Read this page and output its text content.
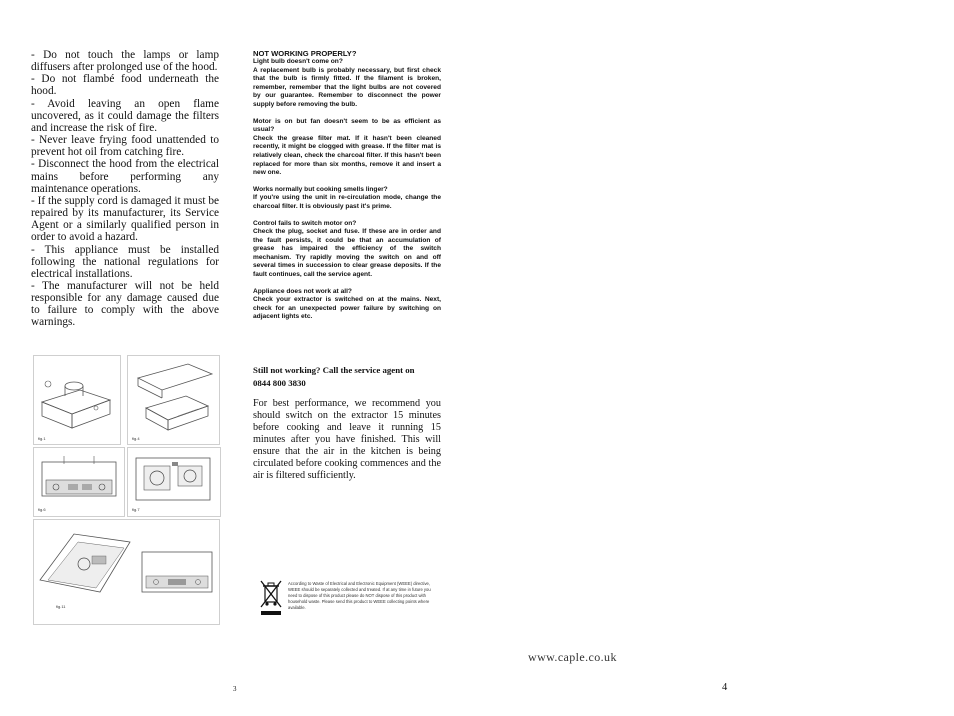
- Do not touch the lamps or lamp diffusers after prolonged use of the hood.

- Do not flambé food underneath the hood.

- Avoid leaving an open flame uncovered, as it could damage the filters and increase the risk of fire.

- Never leave frying food unattended to prevent hot oil from catching fire.

- Disconnect the hood from the electrical mains before performing any maintenance operations.

- If the supply cord is damaged it must be repaired by its manufacturer, its Service Agent or a similarly qualified person in order to avoid a hazard.

- This appliance must be installed following the national regulations for electrical installations.

- The manufacturer will not be held responsible for any damage caused due to failure to comply with the above warnings.

fig.1	fig.4
fig.6	fig.7
fig.11

NOT WORKING PROPERLY?

Light bulb doesn't come on?

A replacement bulb is probably necessary, but first check that the bulb is firmly fitted. If the filament is broken, remember, remember that the light bulbs are not covered by our guarantee. Remember to disconnect the power supply before removing the bulb.

Motor is on but fan doesn't seem to be as efficient as usual?

Check the grease filter mat. If it hasn't been cleaned recently, it might be clogged with grease. If the filter mat is relatively clean, check the charcoal filter. If this hasn't been replaced for more than six months, remove it and insert a new one.

Works normally but cooking smells linger?

If you're using the unit in re-circulation mode, change the charcoal filter. It is obviously past it's prime.

Control fails to switch motor on?

Check the plug, socket and fuse. If these are in order and the fault persists, it could be that an accumulation of grease has impaired the efficiency of the switch mechanism. Try rapidly moving the switch on and off several times in succession to clear grease deposits. If the fault continues, call the service agent.

Appliance does not work at all?

Check your extractor is switched on at the mains. Next, check for an unexpected power failure by switching on adjacent lights etc.

Still not working? Call the service agent on
0844 800 3830
For best performance, we recommend you should switch on the extractor 15 minutes before cooking and leave it running 15 minutes after you have finished. This will ensure that the air in the kitchen is being circulated before cooking commences and the air is filtered sufficiently.
According to Waste of Electrical and Electronic Equipment (WEEE) directive, WEEE should be separately collected and treated. If at any time in future you need to dispose of this product please do NOT dispose of this product with household waste. Please send this product to WEEE collecting points where available.
www.caple.co.uk
3	4
